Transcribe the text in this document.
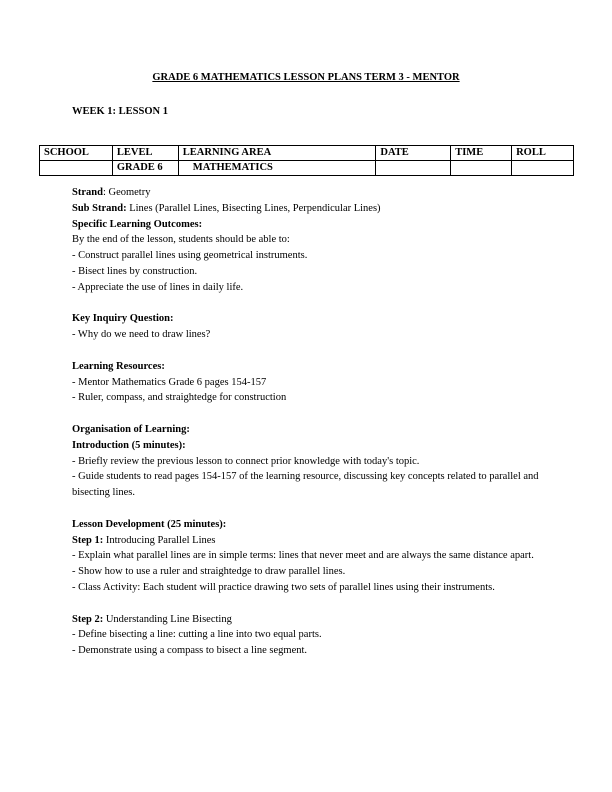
GRADE 6 MATHEMATICS LESSON PLANS TERM 3 - MENTOR
WEEK 1: LESSON 1
SCHOOL	LEVEL	LEARNING AREA	DATE	TIME	ROLL
	GRADE 6	MATHEMATICS			

Strand: Geometry

Sub Strand: Lines (Parallel Lines, Bisecting Lines, Perpendicular Lines)

Specific Learning Outcomes:

By the end of the lesson, students should be able to:

- Construct parallel lines using geometrical instruments.

- Bisect lines by construction.

- Appreciate the use of lines in daily life.

Key Inquiry Question:

- Why do we need to draw lines?

Learning Resources:

- Mentor Mathematics Grade 6 pages 154-157

- Ruler, compass, and straightedge for construction

Organisation of Learning:

Introduction (5 minutes):

- Briefly review the previous lesson to connect prior knowledge with today's topic.

- Guide students to read pages 154-157 of the learning resource, discussing key concepts related to parallel and bisecting lines.

Lesson Development (25 minutes):

Step 1: Introducing Parallel Lines

- Explain what parallel lines are in simple terms: lines that never meet and are always the same distance apart.

- Show how to use a ruler and straightedge to draw parallel lines.

- Class Activity: Each student will practice drawing two sets of parallel lines using their instruments.

Step 2: Understanding Line Bisecting

- Define bisecting a line: cutting a line into two equal parts.

- Demonstrate using a compass to bisect a line segment.
